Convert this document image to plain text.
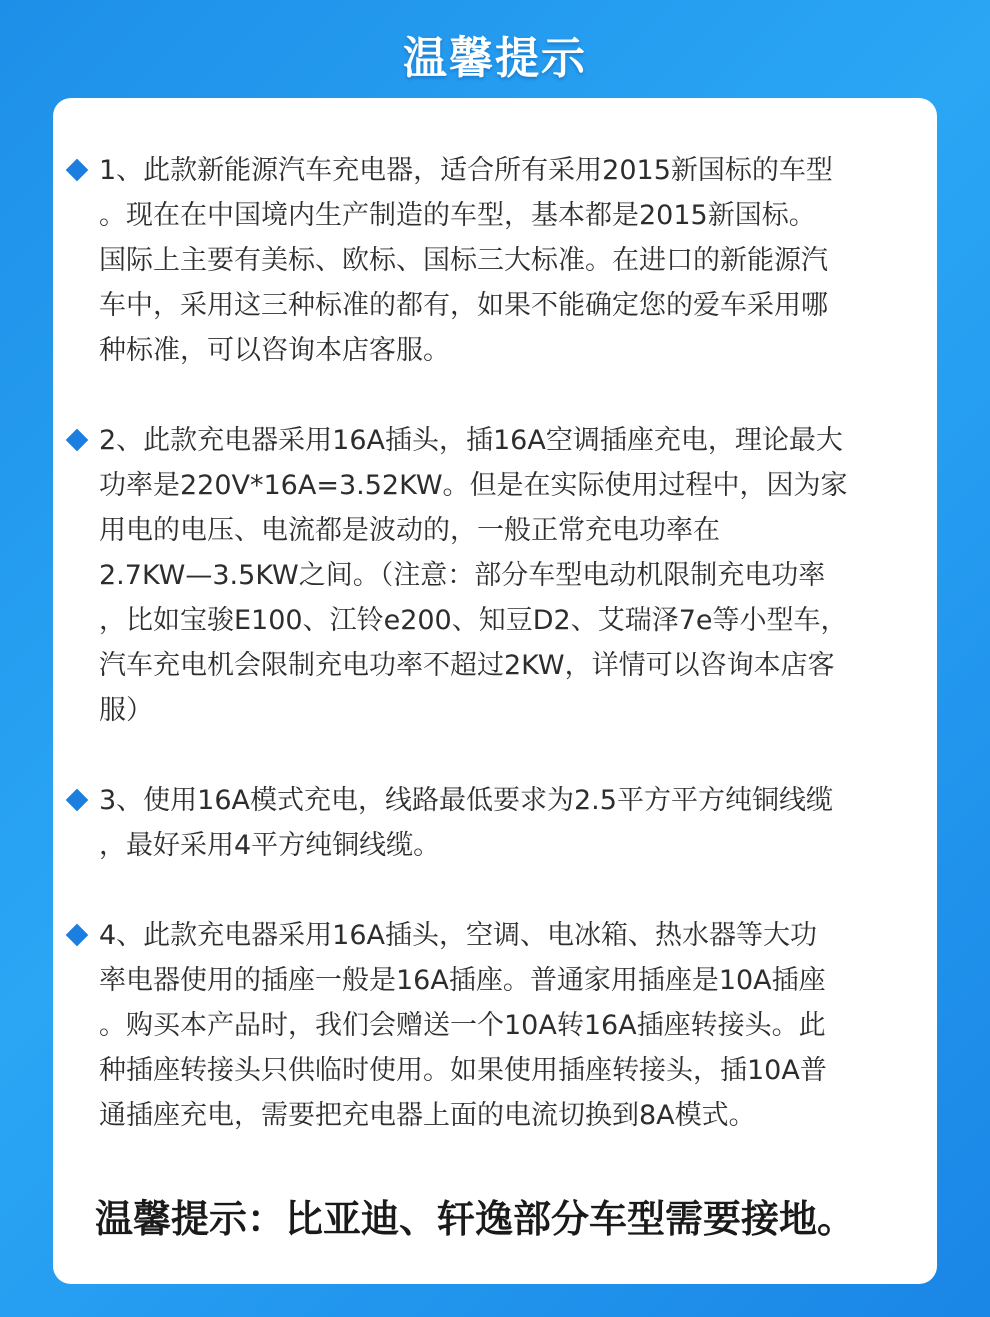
温馨提示
1、此款新能源汽车充电器，适合所有采用2015新国标的车型
。现在在中国境内生产制造的车型，基本都是2015新国标。
国际上主要有美标、欧标、国标三大标准。在进口的新能源汽
车中，采用这三种标准的都有，如果不能确定您的爱车采用哪
种标准，可以咨询本店客服。
2、此款充电器采用16A插头，插16A空调插座充电，理论最大
功率是220V*16A=3.52KW。但是在实际使用过程中，因为家
用电的电压、电流都是波动的，一般正常充电功率在
2.7KW—3.5KW之间。（注意：部分车型电动机限制充电功率
，比如宝骏E100、江铃e200、知豆D2、艾瑞泽7e等小型车，
汽车充电机会限制充电功率不超过2KW，详情可以咨询本店客
服）
3、使用16A模式充电，线路最低要求为2.5平方平方纯铜线缆
，最好采用4平方纯铜线缆。
4、此款充电器采用16A插头，空调、电冰箱、热水器等大功
率电器使用的插座一般是16A插座。普通家用插座是10A插座
。购买本产品时，我们会赠送一个10A转16A插座转接头。此
种插座转接头只供临时使用。如果使用插座转接头，插10A普
通插座充电，需要把充电器上面的电流切换到8A模式。
温馨提示：比亚迪、轩逸部分车型需要接地。
